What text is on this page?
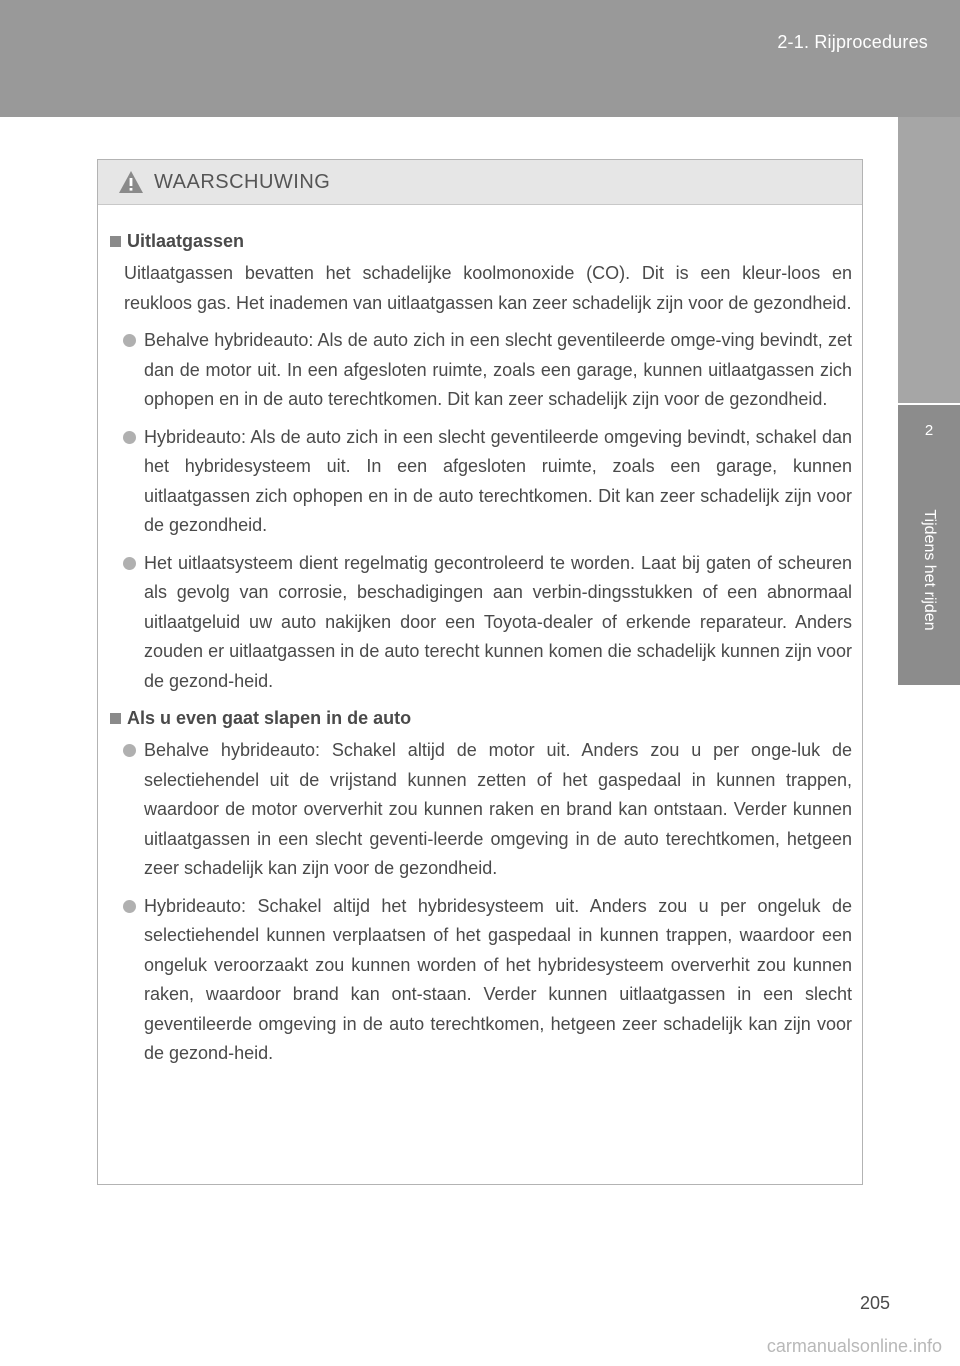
2-1. Rijprocedures
2
Tijdens het rijden
WAARSCHUWING
Uitlaatgassen

Uitlaatgassen bevatten het schadelijke koolmonoxide (CO). Dit is een kleur-loos en reukloos gas. Het inademen van uitlaatgassen kan zeer schadelijk zijn voor de gezondheid.

Behalve hybrideauto: Als de auto zich in een slecht geventileerde omge-ving bevindt, zet dan de motor uit. In een afgesloten ruimte, zoals een garage, kunnen uitlaatgassen zich ophopen en in de auto terechtkomen. Dit kan zeer schadelijk zijn voor de gezondheid.
Hybrideauto: Als de auto zich in een slecht geventileerde omgeving bevindt, schakel dan het hybridesysteem uit. In een afgesloten ruimte, zoals een garage, kunnen uitlaatgassen zich ophopen en in de auto terechtkomen. Dit kan zeer schadelijk zijn voor de gezondheid.
Het uitlaatsysteem dient regelmatig gecontroleerd te worden. Laat bij gaten of scheuren als gevolg van corrosie, beschadigingen aan verbin-dingsstukken of een abnormaal uitlaatgeluid uw auto nakijken door een Toyota-dealer of erkende reparateur. Anders zouden er uitlaatgassen in de auto terecht kunnen komen die schadelijk kunnen zijn voor de gezond-heid.
Als u even gaat slapen in de auto
Behalve hybrideauto: Schakel altijd de motor uit. Anders zou u per onge-luk de selectiehendel uit de vrijstand kunnen zetten of het gaspedaal in kunnen trappen, waardoor de motor oververhit zou kunnen raken en brand kan ontstaan. Verder kunnen uitlaatgassen in een slecht geventi-leerde omgeving in de auto terechtkomen, hetgeen zeer schadelijk kan zijn voor de gezondheid.
Hybrideauto: Schakel altijd het hybridesysteem uit. Anders zou u per ongeluk de selectiehendel kunnen verplaatsen of het gaspedaal in kunnen trappen, waardoor een ongeluk veroorzaakt zou kunnen worden of het hybridesysteem oververhit zou kunnen raken, waardoor brand kan ont-staan. Verder kunnen uitlaatgassen in een slecht geventileerde omgeving in de auto terechtkomen, hetgeen zeer schadelijk kan zijn voor de gezond-heid.
205
carmanualsonline.info
